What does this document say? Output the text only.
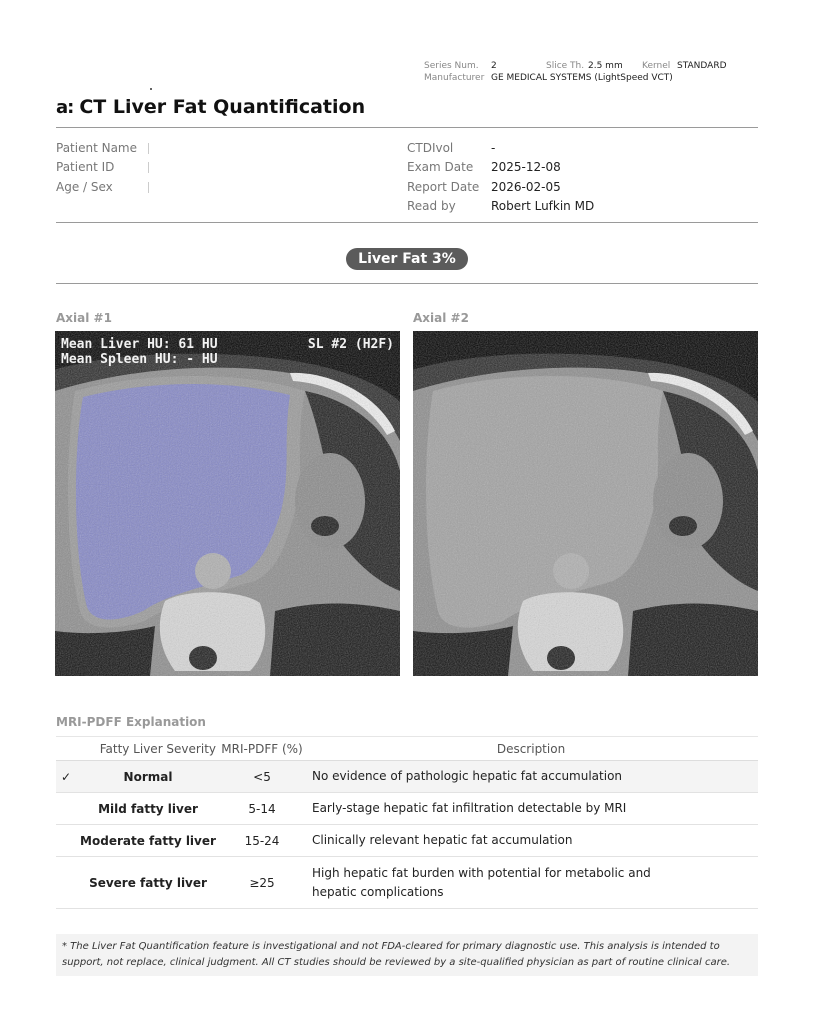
Series Num.	2	Slice Th. 2.5 mm	Kernel STANDARD
Manufacturer GE MEDICAL SYSTEMS (LightSpeed VCT)
a: CT Liver Fat Quantification
Patient Name
Patient ID
Age / Sex
CTDIvol	-
Exam Date	2025-12-08
Report Date 2026-02-05
Read by	Robert Lufkin MD
Liver Fat 3%
Axial #1	Axial #2
Mean Liver HU: 61 HU
Mean Spleen HU: - HU
SL #2 (H2F)
MRI-PDFF Explanation
	Fatty Liver Severity	MRI-PDFF (%)	Description
✓	Normal	<5	No evidence of pathologic hepatic fat accumulation
	Mild fatty liver	5-14	Early-stage hepatic fat infiltration detectable by MRI
	Moderate fatty liver	15-24	Clinically relevant hepatic fat accumulation
	Severe fatty liver	≥25	High hepatic fat burden with potential for metabolic and hepatic complications
* The Liver Fat Quantification feature is investigational and not FDA-cleared for primary diagnostic use. This analysis is intended to support, not replace, clinical judgment. All CT studies should be reviewed by a site-qualified physician as part of routine clinical care.
